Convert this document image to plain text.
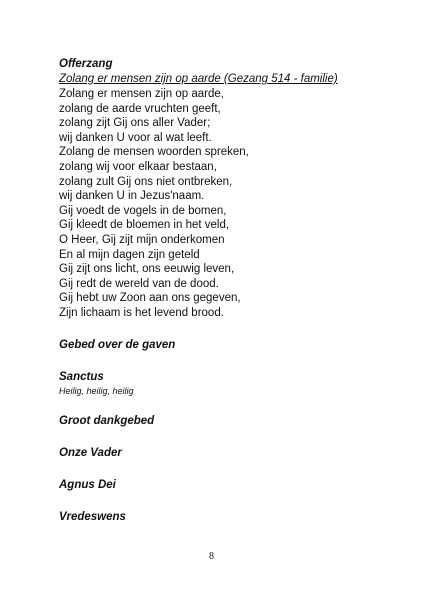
Offerzang

Zolang er mensen zijn op aarde (Gezang 514 - familie)

Zolang er mensen zijn op aarde,
zolang de aarde vruchten geeft,
zolang zijt Gij ons aller Vader;
wij danken U voor al wat leeft.
Zolang de mensen woorden spreken,
zolang wij voor elkaar bestaan,
zolang zult Gij ons niet ontbreken,
wij danken U in Jezus'naam.
Gij voedt de vogels in de bomen,
Gij kleedt de bloemen in het veld,
O Heer, Gij zijt mijn onderkomen
En al mijn dagen zijn geteld
Gij zijt ons licht, ons eeuwig leven,
Gij redt de wereld van de dood.
Gij hebt uw Zoon aan ons gegeven,
Zijn lichaam is het levend brood.

Gebed over de gaven

Sanctus

Heilig, heilig, heilig

Groot dankgebed

Onze Vader

Agnus Dei

Vredeswens

8
